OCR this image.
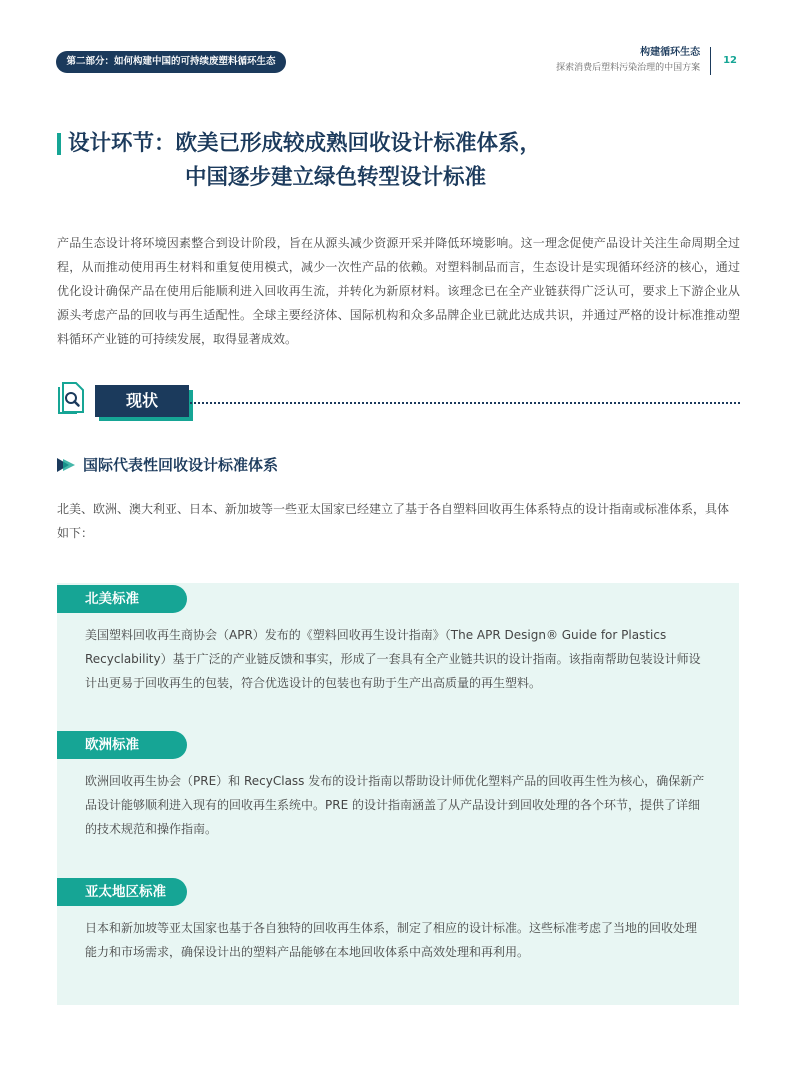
第二部分：如何构建中国的可持续废塑料循环生态
构建循环生态
探索消费后塑料污染治理的中国方案
12
设计环节：欧美已形成较成熟回收设计标准体系，
中国逐步建立绿色转型设计标准

产品生态设计将环境因素整合到设计阶段，旨在从源头减少资源开采并降低环境影响。这一理念促使产品设计关注生命周期全过程，从而推动使用再生材料和重复使用模式，减少一次性产品的依赖。对塑料制品而言，生态设计是实现循环经济的核心，通过优化设计确保产品在使用后能顺利进入回收再生流，并转化为新原材料。该理念已在全产业链获得广泛认可，要求上下游企业从源头考虑产品的回收与再生适配性。全球主要经济体、国际机构和众多品牌企业已就此达成共识，并通过严格的设计标准推动塑料循环产业链的可持续发展，取得显著成效。

现状
国际代表性回收设计标准体系

北美、欧洲、澳大利亚、日本、新加坡等一些亚太国家已经建立了基于各自塑料回收再生体系特点的设计指南或标准体系，具体如下：

北美标准

美国塑料回收再生商协会（APR）发布的《塑料回收再生设计指南》（The APR Design® Guide for Plastics Recyclability）基于广泛的产业链反馈和事实，形成了一套具有全产业链共识的设计指南。该指南帮助包装设计师设计出更易于回收再生的包装，符合优选设计的包装也有助于生产出高质量的再生塑料。

欧洲标准

欧洲回收再生协会（PRE）和 RecyClass 发布的设计指南以帮助设计师优化塑料产品的回收再生性为核心，确保新产品设计能够顺利进入现有的回收再生系统中。PRE 的设计指南涵盖了从产品设计到回收处理的各个环节，提供了详细的技术规范和操作指南。

亚太地区标准

日本和新加坡等亚太国家也基于各自独特的回收再生体系，制定了相应的设计标准。这些标准考虑了当地的回收处理能力和市场需求，确保设计出的塑料产品能够在本地回收体系中高效处理和再利用。
